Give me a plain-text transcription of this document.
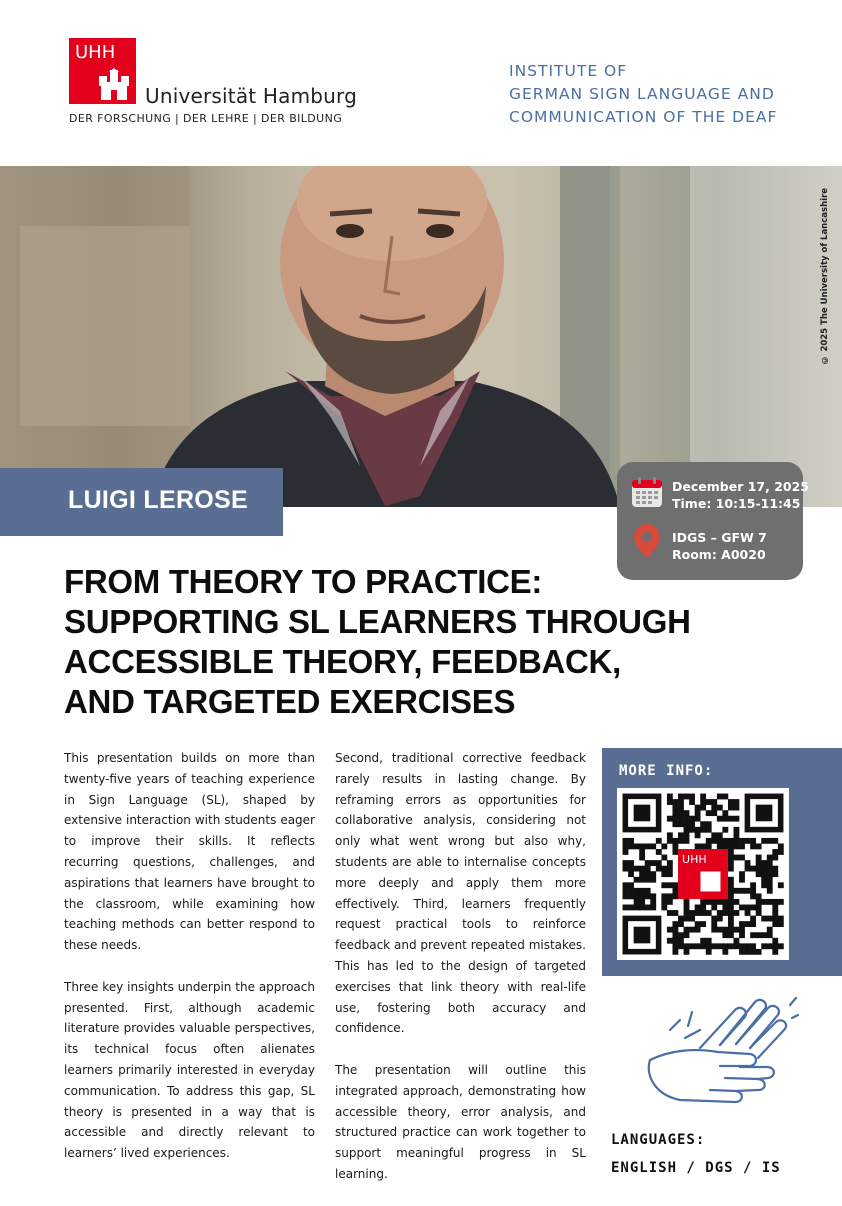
UHH
Universität Hamburg
DER FORSCHUNG | DER LEHRE | DER BILDUNG
INSTITUTE OF
GERMAN SIGN LANGUAGE AND
COMMUNICATION OF THE DEAF
© 2025 The University of Lancashire
LUIGI LEROSE	December 17, 2025
Time: 10:15-11:45
IDGS – GFW 7
Room: A0020
FROM THEORY TO PRACTICE:
SUPPORTING SL LEARNERS THROUGH
ACCESSIBLE THEORY, FEEDBACK,
AND TARGETED EXERCISES

This presentation builds on more than twenty-five years of teaching experience in Sign Language (SL), shaped by extensive interaction with students eager to improve their skills. It reflects recurring questions, challenges, and aspirations that learners have brought to the classroom, while examining how teaching methods can better respond to these needs.

Three key insights underpin the approach presented. First, although academic literature provides valuable perspectives, its technical focus often alienates learners primarily interested in everyday communication. To address this gap, SL theory is presented in a way that is accessible and directly relevant to learners’ lived experiences.

Second, traditional corrective feedback rarely results in lasting change. By reframing errors as opportunities for collaborative analysis, considering not only what went wrong but also why, students are able to internalise concepts more deeply and apply them more effectively. Third, learners frequently request practical tools to reinforce feedback and prevent repeated mistakes. This has led to the design of targeted exercises that link theory with real-life use, fostering both accuracy and confidence.

The presentation will outline this integrated approach, demonstrating how accessible theory, error analysis, and structured practice can work together to support meaningful progress in SL learning.

MORE INFO:
UHH
LANGUAGES:
ENGLISH / DGS / IS
